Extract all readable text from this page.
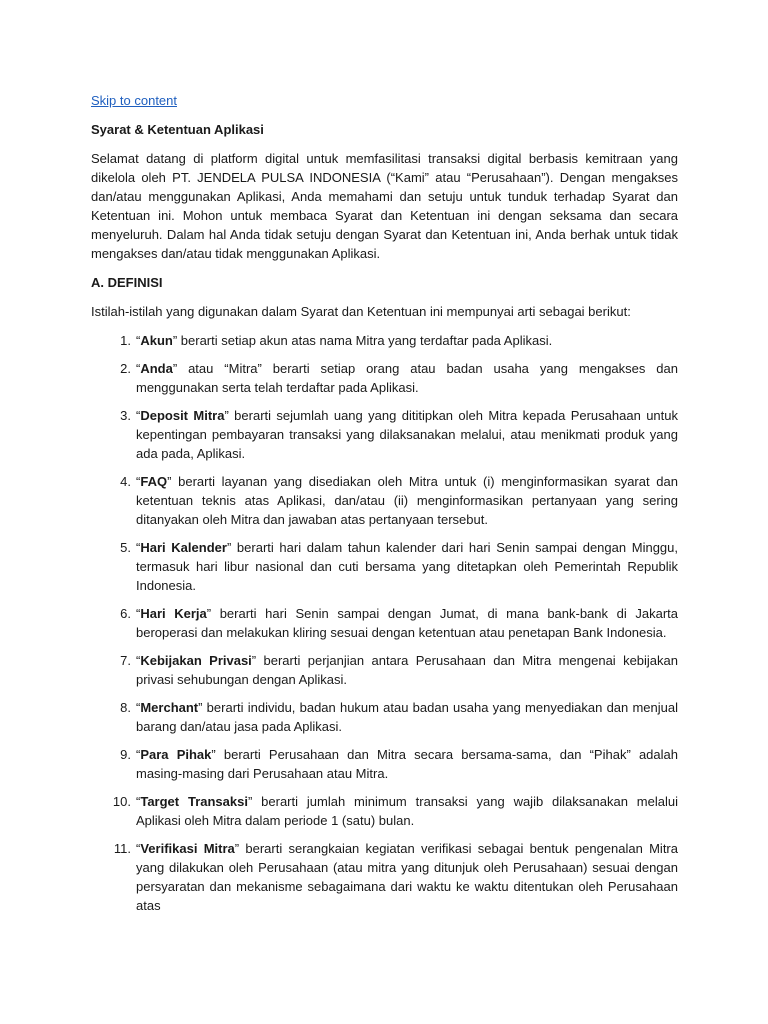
Skip to content
Syarat & Ketentuan Aplikasi

Selamat datang di platform digital untuk memfasilitasi transaksi digital berbasis kemitraan yang dikelola oleh PT. JENDELA PULSA INDONESIA (“Kami” atau “Perusahaan”). Dengan mengakses dan/atau menggunakan Aplikasi, Anda memahami dan setuju untuk tunduk terhadap Syarat dan Ketentuan ini. Mohon untuk membaca Syarat dan Ketentuan ini dengan seksama dan secara menyeluruh. Dalam hal Anda tidak setuju dengan Syarat dan Ketentuan ini, Anda berhak untuk tidak mengakses dan/atau tidak menggunakan Aplikasi.

A. DEFINISI

Istilah-istilah yang digunakan dalam Syarat dan Ketentuan ini mempunyai arti sebagai berikut:

1. “Akun” berarti setiap akun atas nama Mitra yang terdaftar pada Aplikasi.
2. “Anda” atau “Mitra” berarti setiap orang atau badan usaha yang mengakses dan menggunakan serta telah terdaftar pada Aplikasi.
3. “Deposit Mitra” berarti sejumlah uang yang dititipkan oleh Mitra kepada Perusahaan untuk kepentingan pembayaran transaksi yang dilaksanakan melalui, atau menikmati produk yang ada pada, Aplikasi.
4. “FAQ” berarti layanan yang disediakan oleh Mitra untuk (i) menginformasikan syarat dan ketentuan teknis atas Aplikasi, dan/atau (ii) menginformasikan pertanyaan yang sering ditanyakan oleh Mitra dan jawaban atas pertanyaan tersebut.
5. “Hari Kalender” berarti hari dalam tahun kalender dari hari Senin sampai dengan Minggu, termasuk hari libur nasional dan cuti bersama yang ditetapkan oleh Pemerintah Republik Indonesia.
6. “Hari Kerja” berarti hari Senin sampai dengan Jumat, di mana bank-bank di Jakarta beroperasi dan melakukan kliring sesuai dengan ketentuan atau penetapan Bank Indonesia.
7. “Kebijakan Privasi” berarti perjanjian antara Perusahaan dan Mitra mengenai kebijakan privasi sehubungan dengan Aplikasi.
8. “Merchant” berarti individu, badan hukum atau badan usaha yang menyediakan dan menjual barang dan/atau jasa pada Aplikasi.
9. “Para Pihak” berarti Perusahaan dan Mitra secara bersama-sama, dan “Pihak” adalah masing-masing dari Perusahaan atau Mitra.
10. “Target Transaksi” berarti jumlah minimum transaksi yang wajib dilaksanakan melalui Aplikasi oleh Mitra dalam periode 1 (satu) bulan.
11. “Verifikasi Mitra” berarti serangkaian kegiatan verifikasi sebagai bentuk pengenalan Mitra yang dilakukan oleh Perusahaan (atau mitra yang ditunjuk oleh Perusahaan) sesuai dengan persyaratan dan mekanisme sebagaimana dari waktu ke waktu ditentukan oleh Perusahaan atas
